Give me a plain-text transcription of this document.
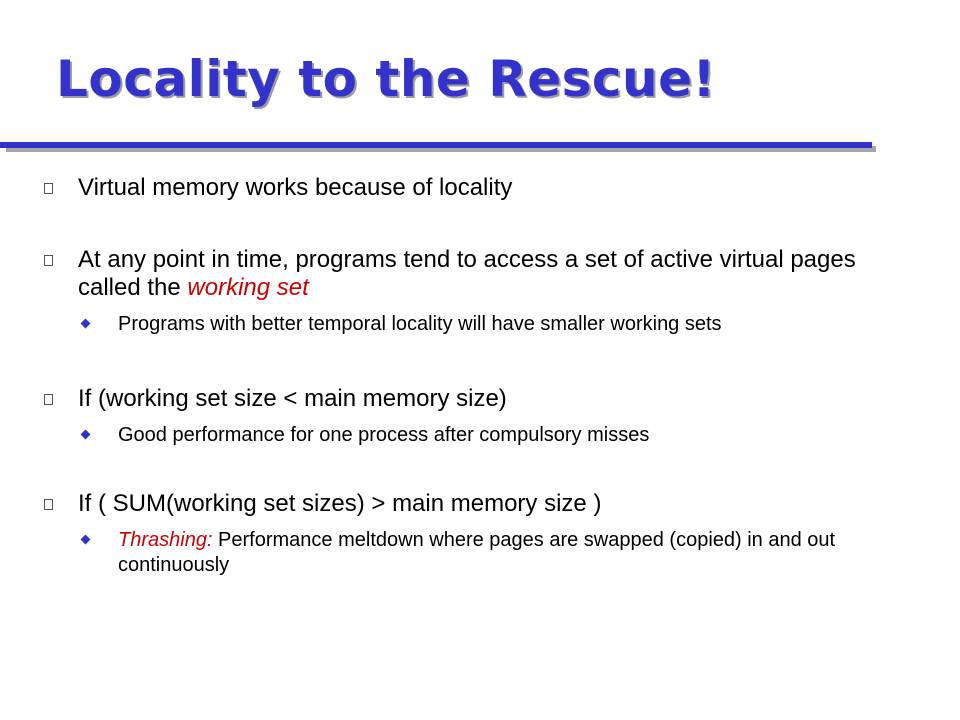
Locality to the Rescue!
Virtual memory works because of locality
At any point in time, programs tend to access a set of active virtual pages called the working set
Programs with better temporal locality will have smaller working sets
If (working set size < main memory size)
Good performance for one process after compulsory misses
If ( SUM(working set sizes) > main memory size )
Thrashing: Performance meltdown where pages are swapped (copied) in and out continuously
